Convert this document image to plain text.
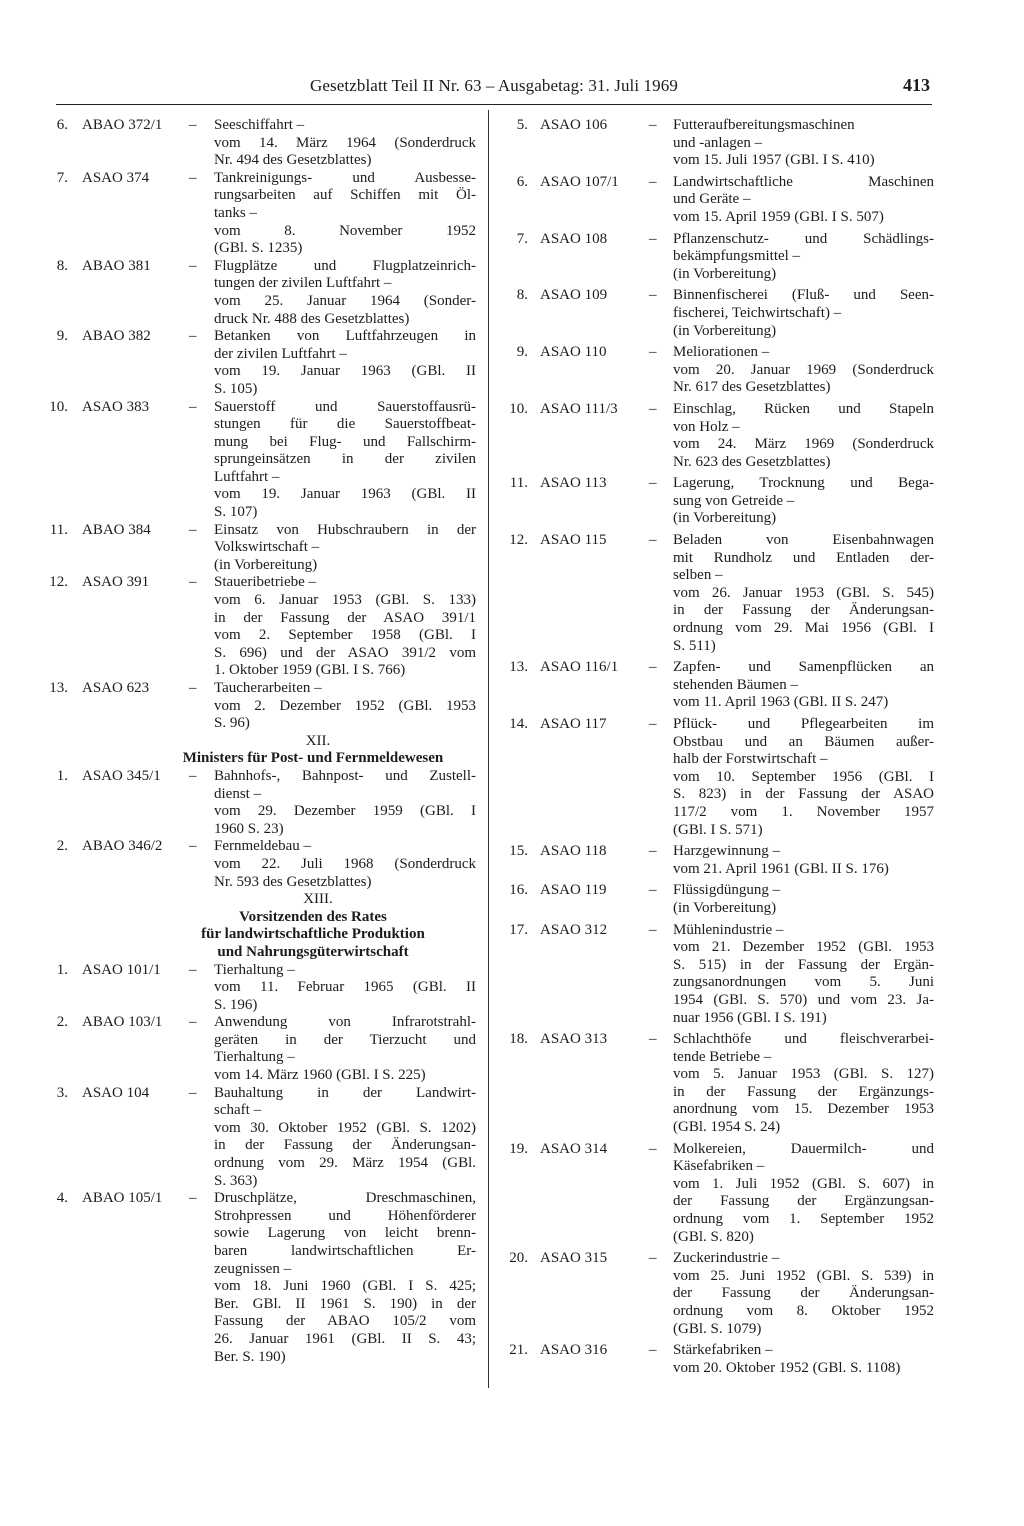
Gesetzblatt Teil II Nr. 63 – Ausgabetag: 31. Juli 1969	413
6. ABAO 372/1 – Seeschiffahrt –
vom 14. März 1964 (Sonderdruck
Nr. 494 des Gesetzblattes)
7. ASAO 374	– Tankreinigungs- und Ausbesse-
rungsarbeiten auf Schiffen mit Öl-
tanks –
vom 8. November 1952
(GBl. S. 1235)
8. ABAO 381	– Flugplätze und Flugplatzeinrich-
tungen der zivilen Luftfahrt –
vom 25. Januar 1964 (Sonder-
druck Nr. 488 des Gesetzblattes)
9. ABAO 382	– Betanken von Luftfahrzeugen in
der zivilen Luftfahrt –
vom 19. Januar 1963 (GBl. II
S. 105)
10. ASAO 383	– Sauerstoff und Sauerstoffausrü-
stungen für die Sauerstoffbeat-
mung bei Flug- und Fallschirm-
sprungeinsätzen in der zivilen
Luftfahrt –
vom 19. Januar 1963 (GBl. II
S. 107)
11. ABAO 384	– Einsatz von Hubschraubern in der
Volkswirtschaft –
(in Vorbereitung)
12. ASAO 391	– Staueribetriebe –
vom 6. Januar 1953 (GBl. S. 133)
in der Fassung der ASAO 391/1
vom 2. September 1958 (GBl. I
S. 696) und der ASAO 391/2 vom
1. Oktober 1959 (GBl. I S. 766)
13. ASAO 623	– Taucherarbeiten –
vom 2. Dezember 1952 (GBl. 1953
S. 96)
XII.
Ministers für Post- und Fernmeldewesen
1. ASAO 345/1 – Bahnhofs-, Bahnpost- und Zustell-
dienst –
vom 29. Dezember 1959 (GBl. I
1960 S. 23)
2. ABAO 346/2 – Fernmeldebau –
vom 22. Juli 1968 (Sonderdruck
Nr. 593 des Gesetzblattes)
XIII.
Vorsitzenden des Rates
für landwirtschaftliche Produktion
und Nahrungsgüterwirtschaft
1. ASAO 101/1 – Tierhaltung –
vom 11. Februar 1965 (GBl. II
S. 196)
2. ABAO 103/1 – Anwendung von Infrarotstrahl-
geräten in der Tierzucht und
Tierhaltung –
vom 14. März 1960 (GBl. I S. 225)
3. ASAO 104	– Bauhaltung in der Landwirt-
schaft –
vom 30. Oktober 1952 (GBl. S. 1202)
in der Fassung der Änderungsan-
ordnung vom 29. März 1954 (GBl.
S. 363)
4. ABAO 105/1 – Druschplätze, Dreschmaschinen,
Strohpressen und Höhenförderer
sowie Lagerung von leicht brenn-
baren landwirtschaftlichen Er-
zeugnissen –
vom 18. Juni 1960 (GBl. I S. 425;
Ber. GBl. II 1961 S. 190) in der
Fassung der ABAO 105/2 vom
26. Januar 1961 (GBl. II S. 43;
Ber. S. 190)
5. ASAO 106	– Futteraufbereitungsmaschinen
und -anlagen –
vom 15. Juli 1957 (GBl. I S. 410)
6. ASAO 107/1 – Landwirtschaftliche Maschinen
und Geräte –
vom 15. April 1959 (GBl. I S. 507)
7. ASAO 108	– Pflanzenschutz- und Schädlings-
bekämpfungsmittel –
(in Vorbereitung)
8. ASAO 109	– Binnenfischerei (Fluß- und Seen-
fischerei, Teichwirtschaft) –
(in Vorbereitung)
9. ASAO 110	– Meliorationen –
vom 20. Januar 1969 (Sonderdruck
Nr. 617 des Gesetzblattes)
10. ASAO 111/3 – Einschlag, Rücken und Stapeln
von Holz –
vom 24. März 1969 (Sonderdruck
Nr. 623 des Gesetzblattes)
11. ASAO 113	– Lagerung, Trocknung und Bega-
sung von Getreide –
(in Vorbereitung)
12. ASAO 115	– Beladen von Eisenbahnwagen
mit Rundholz und Entladen der-
selben –
vom 26. Januar 1953 (GBl. S. 545)
in der Fassung der Änderungsan-
ordnung vom 29. Mai 1956 (GBl. I
S. 511)
13. ASAO 116/1 – Zapfen- und Samenpflücken an
stehenden Bäumen –
vom 11. April 1963 (GBl. II S. 247)
14. ASAO 117	– Pflück- und Pflegearbeiten im
Obstbau und an Bäumen außer-
halb der Forstwirtschaft –
vom 10. September 1956 (GBl. I
S. 823) in der Fassung der ASAO
117/2 vom 1. November 1957
(GBl. I S. 571)
15. ASAO 118	– Harzgewinnung –
vom 21. April 1961 (GBl. II S. 176)
16. ASAO 119	– Flüssigdüngung –
(in Vorbereitung)
17. ASAO 312	– Mühlenindustrie –
vom 21. Dezember 1952 (GBl. 1953
S. 515) in der Fassung der Ergän-
zungsanordnungen vom 5. Juni
1954 (GBl. S. 570) und vom 23. Ja-
nuar 1956 (GBl. I S. 191)
18. ASAO 313	– Schlachthöfe und fleischverarbei-
tende Betriebe –
vom 5. Januar 1953 (GBl. S. 127)
in der Fassung der Ergänzungs-
anordnung vom 15. Dezember 1953
(GBl. 1954 S. 24)
19. ASAO 314	– Molkereien, Dauermilch- und
Käsefabriken –
vom 1. Juli 1952 (GBl. S. 607) in
der Fassung der Ergänzungsan-
ordnung vom 1. September 1952
(GBl. S. 820)
20. ASAO 315	– Zuckerindustrie –
vom 25. Juni 1952 (GBl. S. 539) in
der Fassung der Änderungsan-
ordnung vom 8. Oktober 1952
(GBl. S. 1079)
21. ASAO 316	– Stärkefabriken –
vom 20. Oktober 1952 (GBl. S. 1108)
